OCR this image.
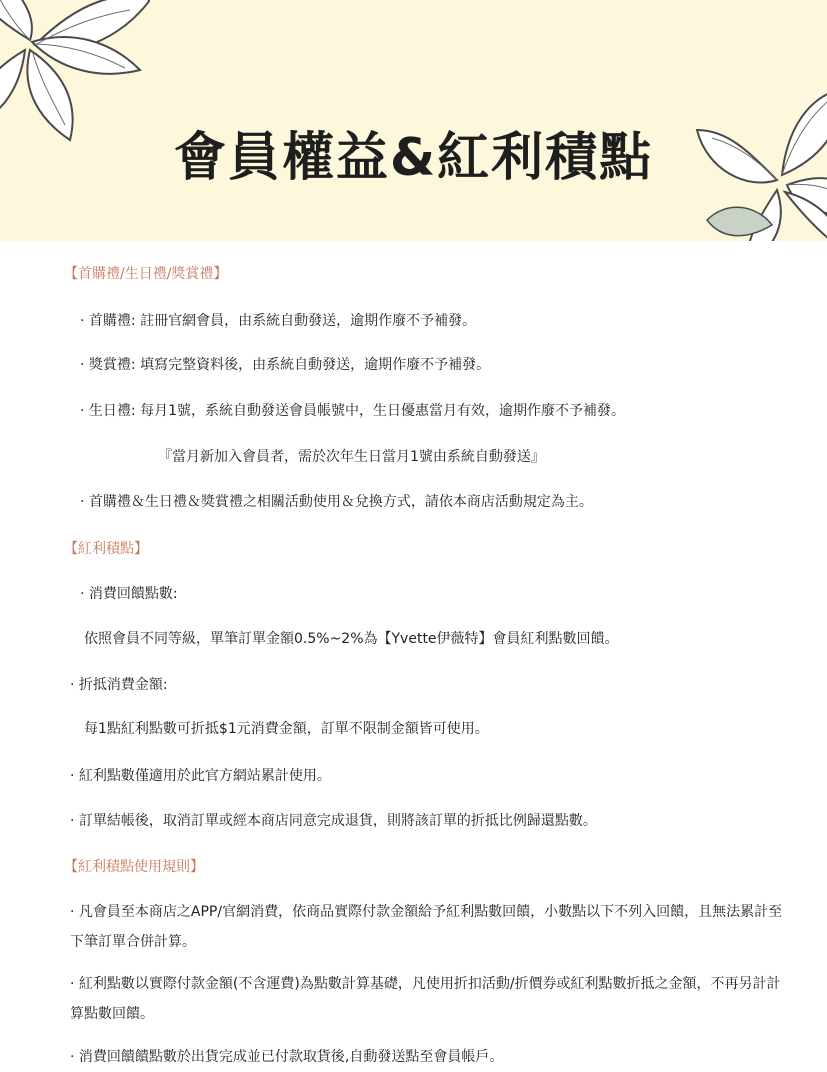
會員權益&紅利積點
【首購禮/生日禮/獎賞禮】
· 首購禮: 註冊官網會員，由系統自動發送，逾期作廢不予補發。
· 獎賞禮: 填寫完整資料後，由系統自動發送，逾期作廢不予補發。
· 生日禮: 每月1號，系統自動發送會員帳號中，生日優惠當月有效，逾期作廢不予補發。
『當月新加入會員者，需於次年生日當月1號由系統自動發送』
· 首購禮＆生日禮＆獎賞禮之相關活動使用＆兌換方式，請依本商店活動規定為主。
【紅利積點】
· 消費回饋點數:
依照會員不同等級，單筆訂單金額0.5%~2%為【Yvette伊薇特】會員紅利點數回饋。
· 折抵消費金額:
每1點紅利點數可折抵$1元消費金額，訂單不限制金額皆可使用。
· 紅利點數僅適用於此官方網站累計使用。
· 訂單結帳後，取消訂單或經本商店同意完成退貨，則將該訂單的折抵比例歸還點數。
【紅利積點使用規則】
· 凡會員至本商店之APP/官網消費，依商品實際付款金額給予紅利點數回饋，小數點以下不列入回饋，且無法累計至下筆訂單合併計算。
· 紅利點數以實際付款金額(不含運費)為點數計算基礎，凡使用折扣活動/折價券或紅利點數折抵之金額，不再另計計算點數回饋。
· 消費回饋饋點數於出貨完成並已付款取貨後,自動發送點至會員帳戶。
